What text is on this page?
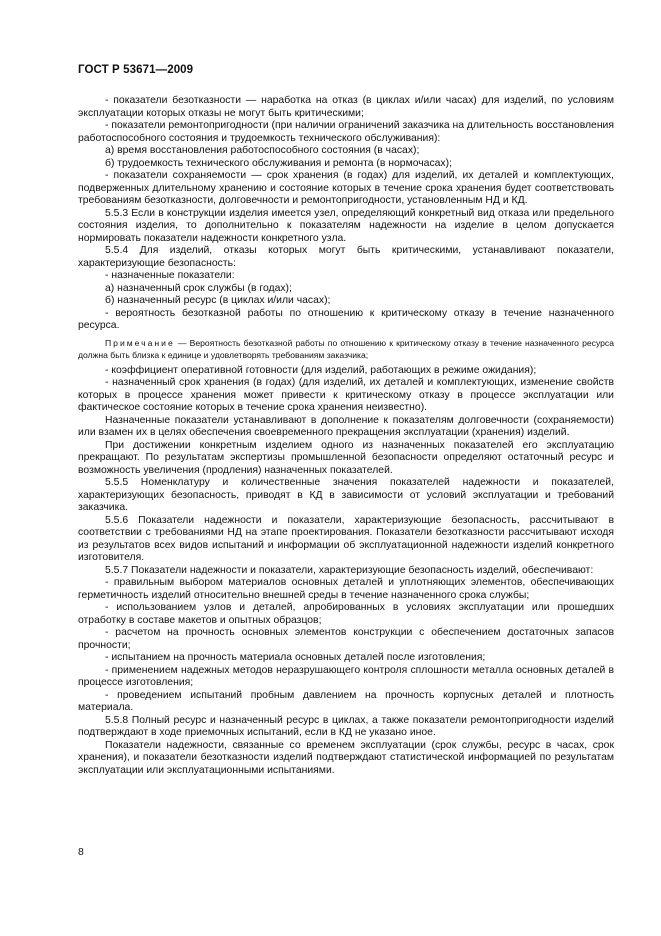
ГОСТ Р 53671—2009

- показатели безотказности — наработка на отказ (в циклах и/или часах) для изделий, по условиям эксплуатации которых отказы не могут быть критическими;

- показатели ремонтопригодности (при наличии ограничений заказчика на длительность восстановления работоспособного состояния и трудоемкость технического обслуживания):

а) время восстановления работоспособного состояния (в часах);

б) трудоемкость технического обслуживания и ремонта (в нормочасах);

- показатели сохраняемости — срок хранения (в годах) для изделий, их деталей и комплектующих, подверженных длительному хранению и состояние которых в течение срока хранения будет соответствовать требованиям безотказности, долговечности и ремонтопригодности, установленным НД и КД.

5.5.3 Если в конструкции изделия имеется узел, определяющий конкретный вид отказа или предельного состояния изделия, то дополнительно к показателям надежности на изделие в целом допускается нормировать показатели надежности конкретного узла.

5.5.4 Для изделий, отказы которых могут быть критическими, устанавливают показатели, характеризующие безопасность:

- назначенные показатели:

а) назначенный срок службы (в годах);

б) назначенный ресурс (в циклах и/или часах);

- вероятность безотказной работы по отношению к критическому отказу в течение назначенного ресурса.

Примечание — Вероятность безотказной работы по отношению к критическому отказу в течение назначенного ресурса должна быть близка к единице и удовлетворять требованиям заказчика;

- коэффициент оперативной готовности (для изделий, работающих в режиме ожидания);

- назначенный срок хранения (в годах) (для изделий, их деталей и комплектующих, изменение свойств которых в процессе хранения может привести к критическому отказу в процессе эксплуатации или фактическое состояние которых в течение срока хранения неизвестно).

Назначенные показатели устанавливают в дополнение к показателям долговечности (сохраняемости) или взамен их в целях обеспечения своевременного прекращения эксплуатации (хранения) изделий.

При достижении конкретным изделием одного из назначенных показателей его эксплуатацию прекращают. По результатам экспертизы промышленной безопасности определяют остаточный ресурс и возможность увеличения (продления) назначенных показателей.

5.5.5 Номенклатуру и количественные значения показателей надежности и показателей, характеризующих безопасность, приводят в КД в зависимости от условий эксплуатации и требований заказчика.

5.5.6 Показатели надежности и показатели, характеризующие безопасность, рассчитывают в соответствии с требованиями НД на этапе проектирования. Показатели безотказности рассчитывают исходя из результатов всех видов испытаний и информации об эксплуатационной надежности изделий конкретного изготовителя.

5.5.7 Показатели надежности и показатели, характеризующие безопасность изделий, обеспечивают:

- правильным выбором материалов основных деталей и уплотняющих элементов, обеспечивающих герметичность изделий относительно внешней среды в течение назначенного срока службы;

- использованием узлов и деталей, апробированных в условиях эксплуатации или прошедших отработку в составе макетов и опытных образцов;

- расчетом на прочность основных элементов конструкции с обеспечением достаточных запасов прочности;

- испытанием на прочность материала основных деталей после изготовления;

- применением надежных методов неразрушающего контроля сплошности металла основных деталей в процессе изготовления;

- проведением испытаний пробным давлением на прочность корпусных деталей и плотность материала.

5.5.8 Полный ресурс и назначенный ресурс в циклах, а также показатели ремонтопригодности изделий подтверждают в ходе приемочных испытаний, если в КД не указано иное.

Показатели надежности, связанные со временем эксплуатации (срок службы, ресурс в часах, срок хранения), и показатели безотказности изделий подтверждают статистической информацией по результатам эксплуатации или эксплуатационными испытаниями.

8
